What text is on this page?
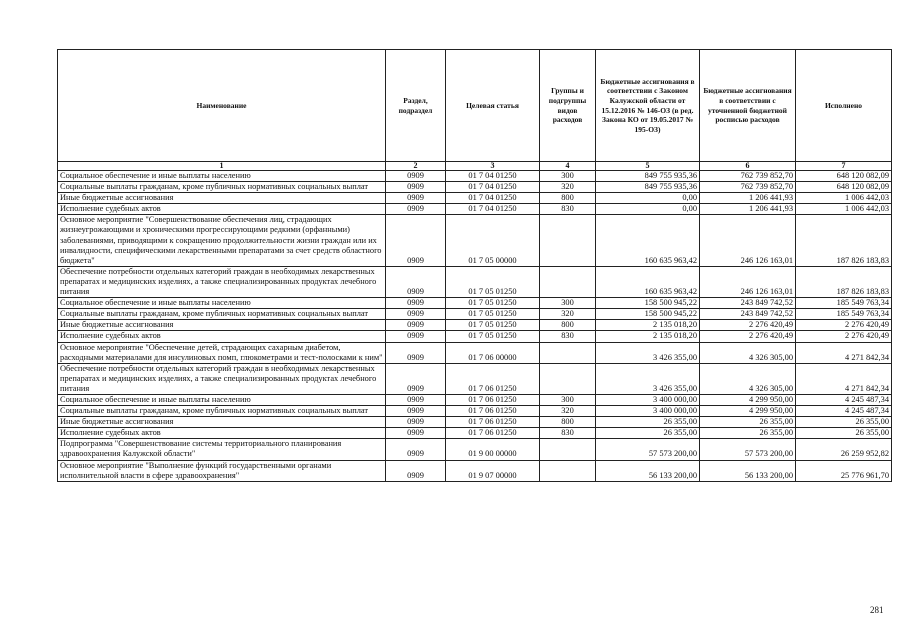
Наименование	Раздел, подраздел	Целевая статья	Группы и подгруппы видов расходов	Бюджетные ассигнования в соответствии с Законом Калужской области от 15.12.2016 № 146-ОЗ (в ред. Закона КО от 19.05.2017 № 195-ОЗ)	Бюджетные ассигнования в соответствии с уточненной бюджетной росписью расходов	Исполнено
1	2	3	4	5	6	7
Социальное обеспечение и иные выплаты населению	0909	01 7 04 01250	300	849 755 935,36	762 739 852,70	648 120 082,09
Социальные выплаты гражданам, кроме публичных нормативных социальных выплат	0909	01 7 04 01250	320	849 755 935,36	762 739 852,70	648 120 082,09
Иные бюджетные ассигнования	0909	01 7 04 01250	800	0,00	1 206 441,93	1 006 442,03
Исполнение судебных актов	0909	01 7 04 01250	830	0,00	1 206 441,93	1 006 442,03
Основное мероприятие "Совершенствование обеспечения лиц, страдающих жизнеугрожающими и хроническими прогрессирующими редкими (орфанными) заболеваниями, приводящими к сокращению продолжительности жизни граждан или их инвалидности, специфическими лекарственными препаратами за счет средств областного бюджета"	0909	01 7 05 00000		160 635 963,42	246 126 163,01	187 826 183,83
Обеспечение потребности отдельных категорий граждан в необходимых лекарственных препаратах и медицинских изделиях, а также специализированных продуктах лечебного питания	0909	01 7 05 01250		160 635 963,42	246 126 163,01	187 826 183,83
Социальное обеспечение и иные выплаты населению	0909	01 7 05 01250	300	158 500 945,22	243 849 742,52	185 549 763,34
Социальные выплаты гражданам, кроме публичных нормативных социальных выплат	0909	01 7 05 01250	320	158 500 945,22	243 849 742,52	185 549 763,34
Иные бюджетные ассигнования	0909	01 7 05 01250	800	2 135 018,20	2 276 420,49	2 276 420,49
Исполнение судебных актов	0909	01 7 05 01250	830	2 135 018,20	2 276 420,49	2 276 420,49
Основное мероприятие "Обеспечение детей, страдающих сахарным диабетом, расходными материалами для инсулиновых помп, глюкометрами и тест-полосками к ним"	0909	01 7 06 00000		3 426 355,00	4 326 305,00	4 271 842,34
Обеспечение потребности отдельных категорий граждан в необходимых лекарственных препаратах и медицинских изделиях, а также специализированных продуктах лечебного питания	0909	01 7 06 01250		3 426 355,00	4 326 305,00	4 271 842,34
Социальное обеспечение и иные выплаты населению	0909	01 7 06 01250	300	3 400 000,00	4 299 950,00	4 245 487,34
Социальные выплаты гражданам, кроме публичных нормативных социальных выплат	0909	01 7 06 01250	320	3 400 000,00	4 299 950,00	4 245 487,34
Иные бюджетные ассигнования	0909	01 7 06 01250	800	26 355,00	26 355,00	26 355,00
Исполнение судебных актов	0909	01 7 06 01250	830	26 355,00	26 355,00	26 355,00
Подпрограмма "Совершенствование системы территориального планирования здравоохранения Калужской области"	0909	01 9 00 00000		57 573 200,00	57 573 200,00	26 259 952,82
Основное мероприятие "Выполнение функций государственными органами исполнительной власти в сфере здравоохранения"	0909	01 9 07 00000		56 133 200,00	56 133 200,00	25 776 961,70
281
